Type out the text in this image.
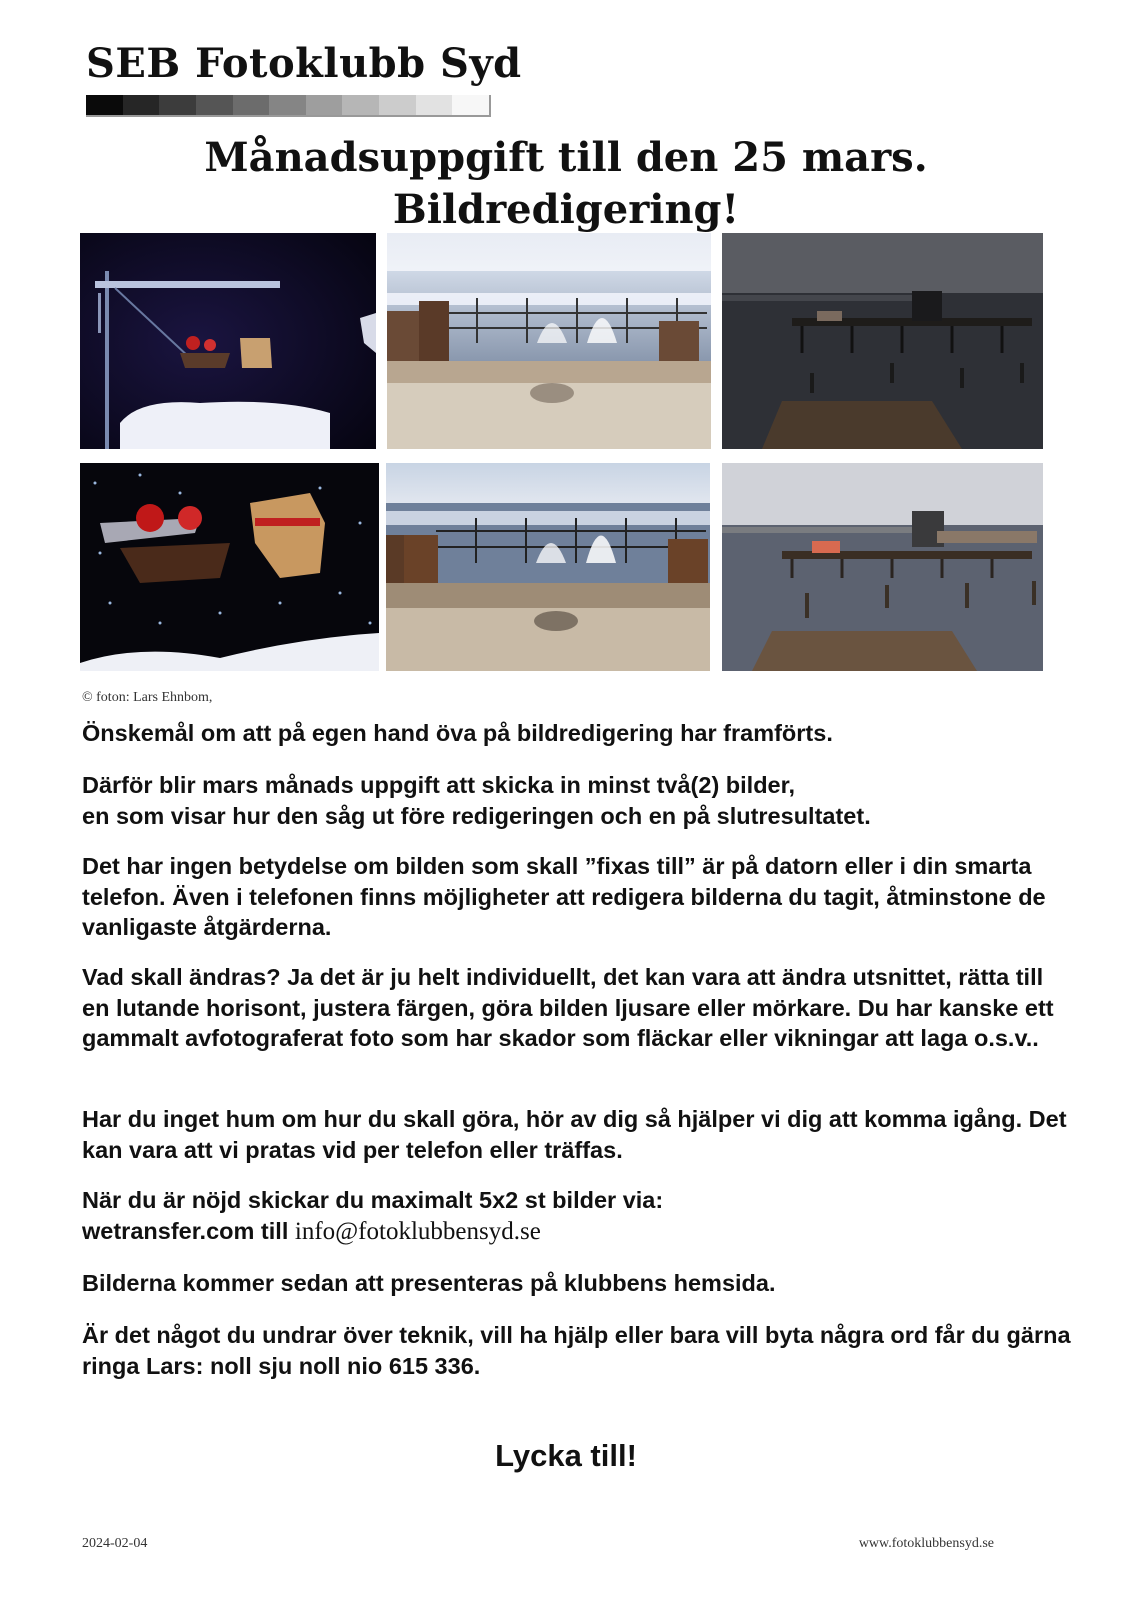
SEB Fotoklubb Syd
Månadsuppgift till den 25 mars.
Bildredigering!
© foton: Lars Ehnbom,

Önskemål om att på egen hand öva på bildredigering har framförts.

Därför blir mars månads uppgift att skicka in minst två(2) bilder,
en som visar hur den såg ut före redigeringen och en på slutresultatet.

Det har ingen betydelse om bilden som skall ”fixas till” är på datorn eller i din smarta telefon. Även i telefonen finns möjligheter att redigera bilderna du tagit, åtminstone de vanligaste åtgärderna.

Vad skall ändras? Ja det är ju helt individuellt, det kan vara att ändra utsnittet, rätta till en lutande horisont, justera färgen, göra bilden ljusare eller mörkare. Du har kanske ett gammalt avfotograferat foto som har skador som fläckar eller vikningar att laga o.s.v..

Har du inget hum om hur du skall göra, hör av dig så hjälper vi dig att komma igång. Det kan vara att vi pratas vid per telefon eller träffas.

När du är nöjd skickar du maximalt 5x2 st bilder via:
wetransfer.com till info@fotoklubbensyd.se

Bilderna kommer sedan att presenteras på klubbens hemsida.

Är det något du undrar över teknik, vill ha hjälp eller bara vill byta några ord får du gärna ringa Lars: noll sju noll nio 615 336.

Lycka till!
2024-02-04	www.fotoklubbensyd.se
